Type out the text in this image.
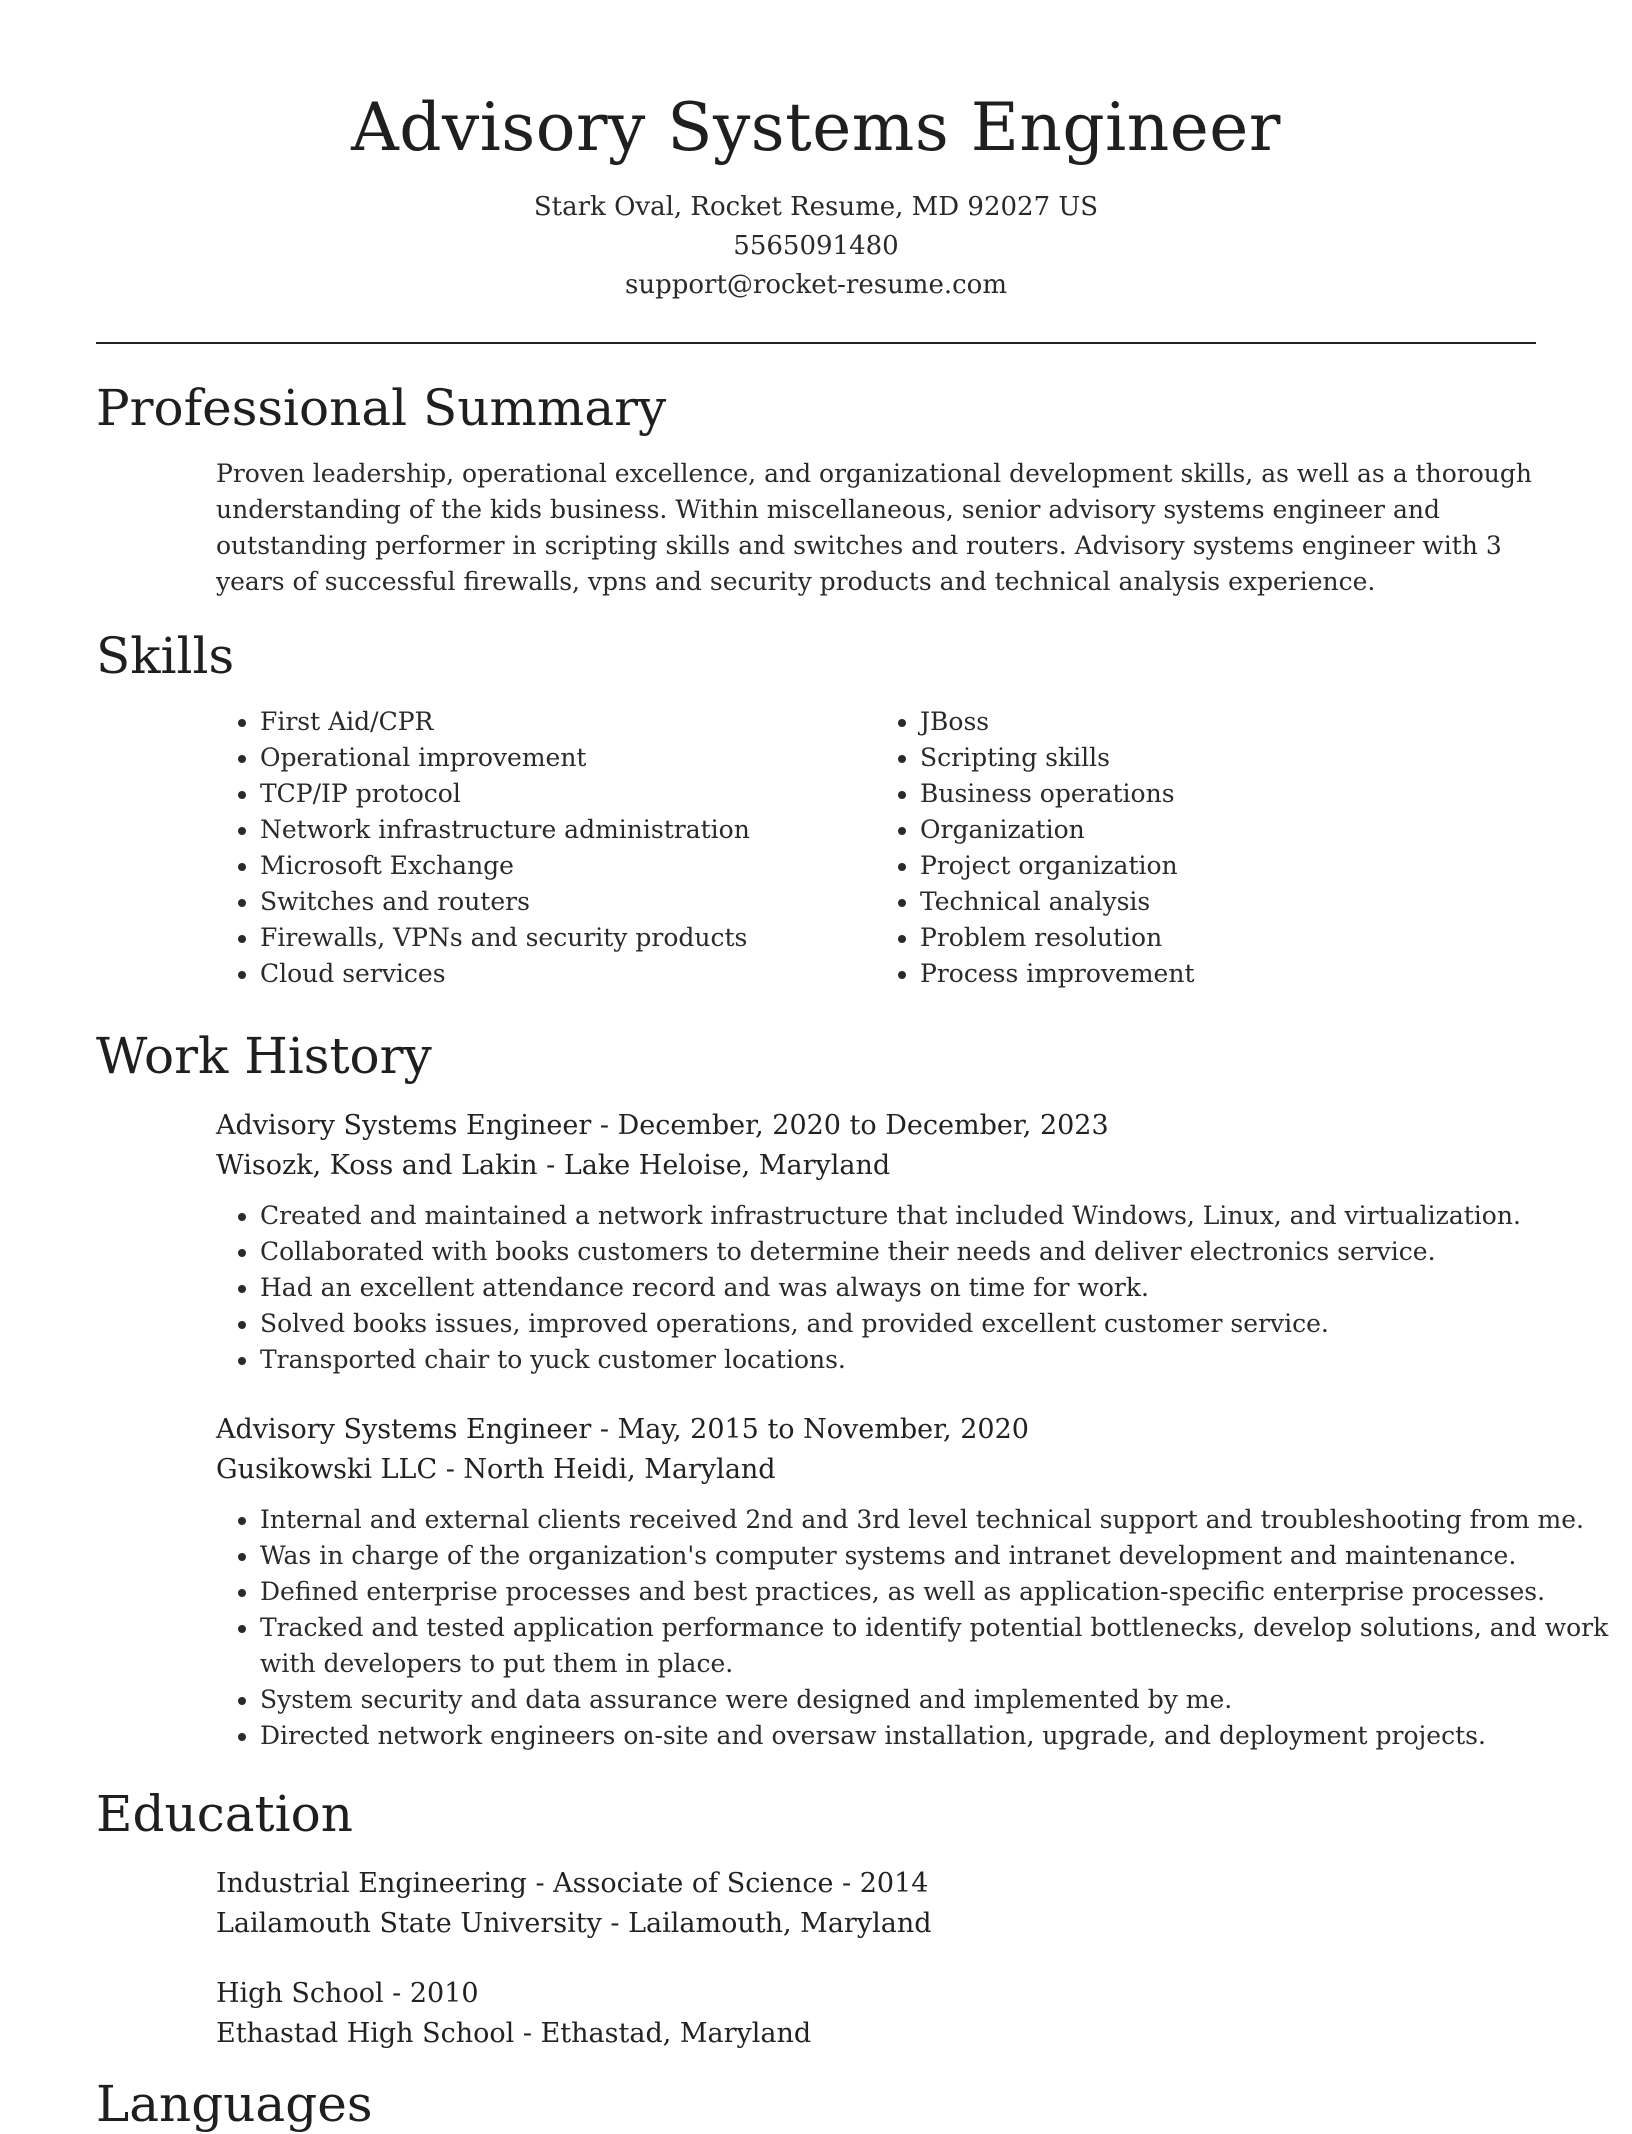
Advisory Systems Engineer
Stark Oval, Rocket Resume, MD 92027 US
5565091480
support@rocket-resume.com
Professional Summary

Proven leadership, operational excellence, and organizational development skills, as well as a thorough understanding of the kids business. Within miscellaneous, senior advisory systems engineer and outstanding performer in scripting skills and switches and routers. Advisory systems engineer with 3 years of successful firewalls, vpns and security products and technical analysis experience.

Skills
• First Aid/CPR
• Operational improvement
• TCP/IP protocol
• Network infrastructure administration
• Microsoft Exchange
• Switches and routers
• Firewalls, VPNs and security products
• Cloud services
• JBoss
• Scripting skills
• Business operations
• Organization
• Project organization
• Technical analysis
• Problem resolution
• Process improvement
Work History
Advisory Systems Engineer - December, 2020 to December, 2023
Wisozk, Koss and Lakin - Lake Heloise, Maryland
• Created and maintained a network infrastructure that included Windows, Linux, and virtualization.
• Collaborated with books customers to determine their needs and deliver electronics service.
• Had an excellent attendance record and was always on time for work.
• Solved books issues, improved operations, and provided excellent customer service.
• Transported chair to yuck customer locations.
Advisory Systems Engineer - May, 2015 to November, 2020
Gusikowski LLC - North Heidi, Maryland
• Internal and external clients received 2nd and 3rd level technical support and troubleshooting from me.
• Was in charge of the organization's computer systems and intranet development and maintenance.
• Defined enterprise processes and best practices, as well as application-specific enterprise processes.
• Tracked and tested application performance to identify potential bottlenecks, develop solutions, and work with developers to put them in place.
• System security and data assurance were designed and implemented by me.
• Directed network engineers on-site and oversaw installation, upgrade, and deployment projects.
Education
Industrial Engineering - Associate of Science - 2014
Lailamouth State University - Lailamouth, Maryland
High School - 2010
Ethastad High School - Ethastad, Maryland
Languages
